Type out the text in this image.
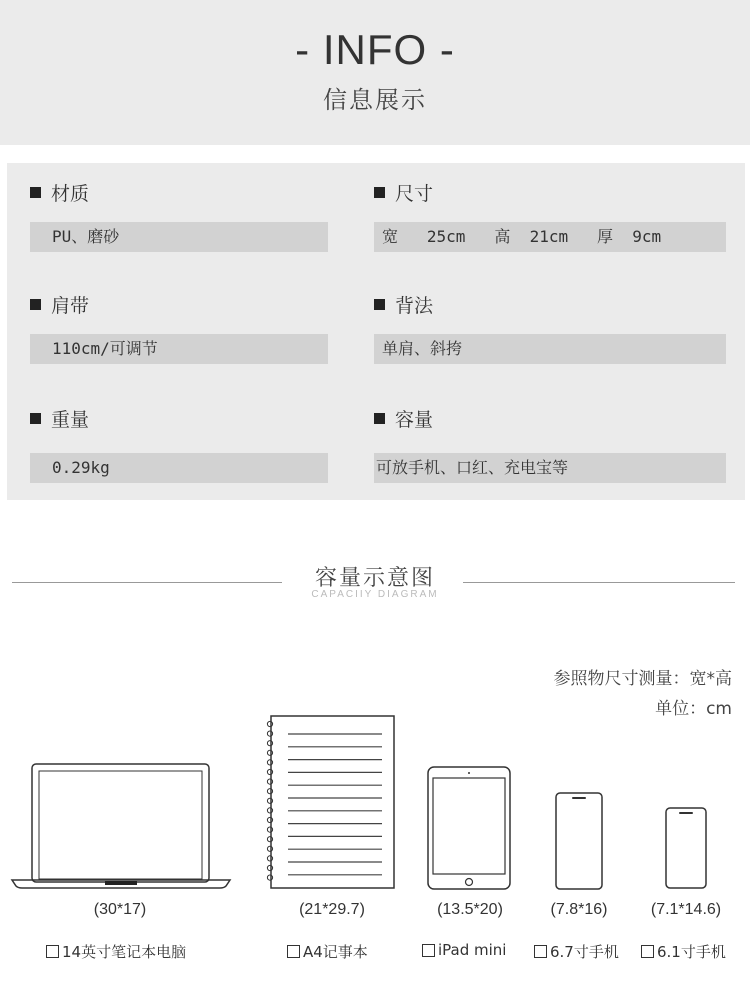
- INFO -
信息展示
材质
PU、磨砂
尺寸
宽   25cm   高  21cm   厚  9cm
肩带
110cm/可调节
背法
单肩、斜挎
重量
0.29kg
容量
可放手机、口红、充电宝等
容量示意图
CAPACIIY DIAGRAM
参照物尺寸测量：宽*高
单位：cm
(30*17)	(21*29.7)	(13.5*20)	(7.8*16)	(7.1*14.6)
14英寸笔记本电脑	A4记事本	iPad mini	6.7寸手机	6.1寸手机
